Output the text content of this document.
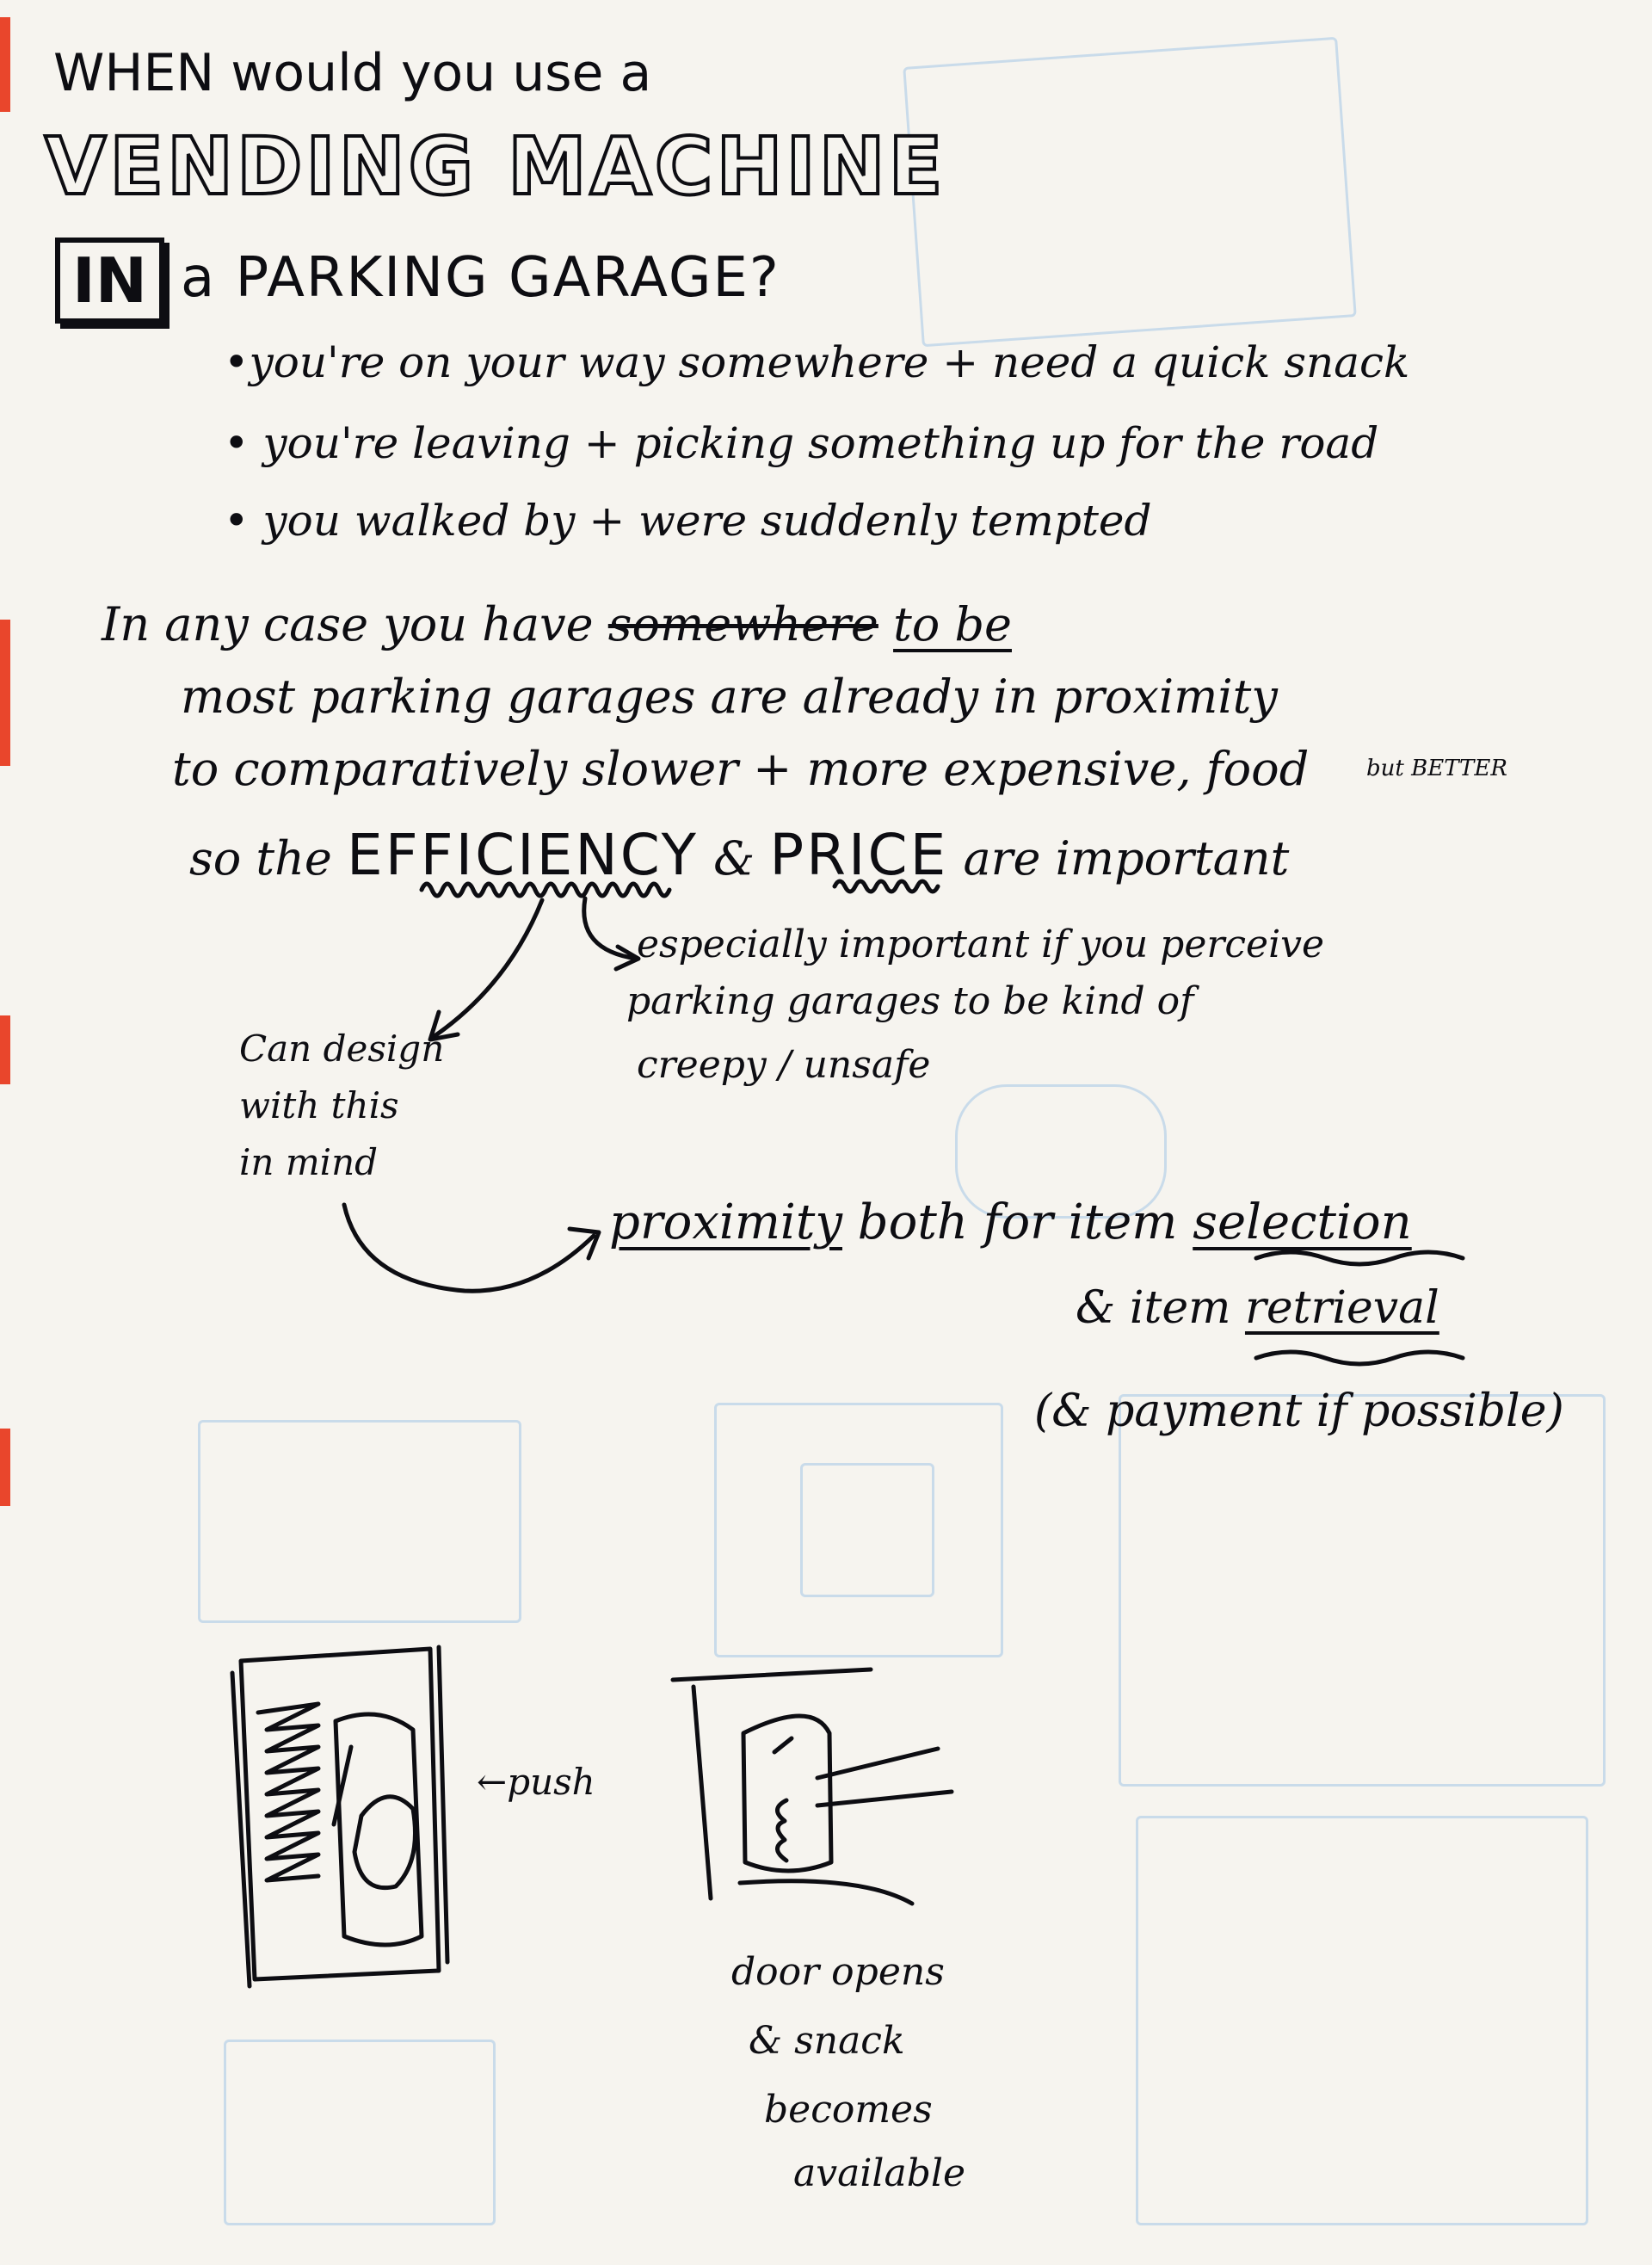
WHEN would you use a
VENDING MACHINE
IN a PARKING GARAGE?
•you're on your way somewhere + need a quick snack
• you're leaving + picking something up for the road
• you walked by + were suddenly tempted
In any case you have somewhere to be
most parking garages are already in proximity
to comparatively slower + more expensive, food	but BETTER
so the EFFICIENCY & PRICE are important
especially important if you perceive
parking garages to be kind of
creepy / unsafe
Can design
with this
in mind
proximity both for item selection
& item retrieval
(& payment if possible)
←push
door opens
& snack
becomes
available
